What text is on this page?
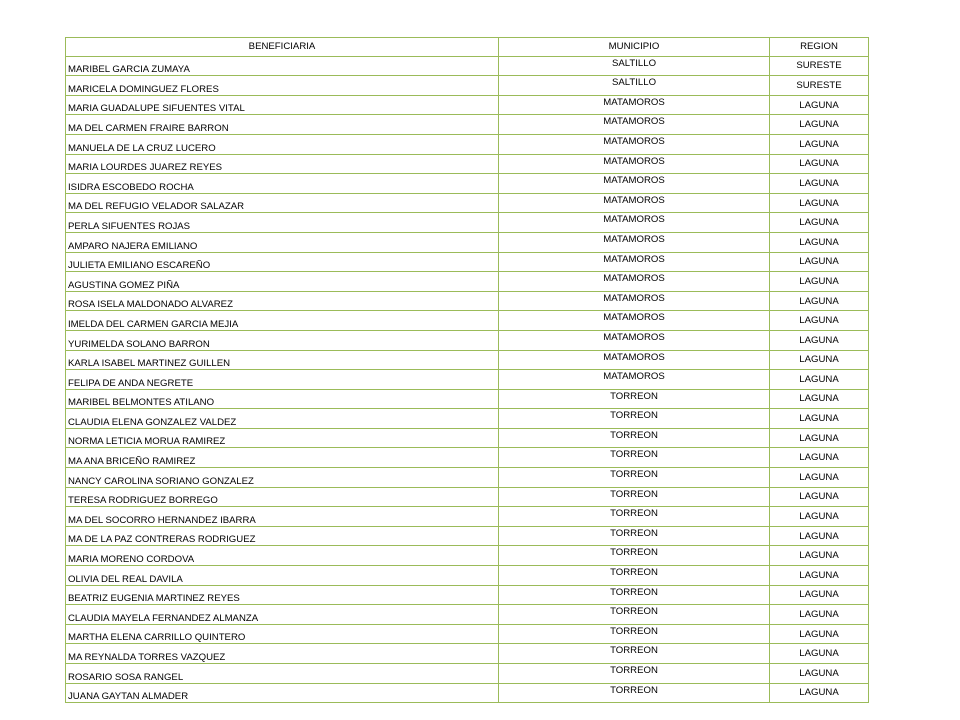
BENEFICIARIA	MUNICIPIO	REGION
MARIBEL GARCIA ZUMAYA	SALTILLO	SURESTE
MARICELA DOMINGUEZ FLORES	SALTILLO	SURESTE
MARIA GUADALUPE SIFUENTES VITAL	MATAMOROS	LAGUNA
MA DEL CARMEN FRAIRE BARRON	MATAMOROS	LAGUNA
MANUELA DE LA CRUZ LUCERO	MATAMOROS	LAGUNA
MARIA LOURDES JUAREZ REYES	MATAMOROS	LAGUNA
ISIDRA ESCOBEDO ROCHA	MATAMOROS	LAGUNA
MA DEL REFUGIO VELADOR SALAZAR	MATAMOROS	LAGUNA
PERLA SIFUENTES ROJAS	MATAMOROS	LAGUNA
AMPARO NAJERA EMILIANO	MATAMOROS	LAGUNA
JULIETA EMILIANO ESCAREÑO	MATAMOROS	LAGUNA
AGUSTINA GOMEZ PIÑA	MATAMOROS	LAGUNA
ROSA ISELA MALDONADO ALVAREZ	MATAMOROS	LAGUNA
IMELDA DEL CARMEN GARCIA MEJIA	MATAMOROS	LAGUNA
YURIMELDA SOLANO BARRON	MATAMOROS	LAGUNA
KARLA ISABEL MARTINEZ GUILLEN	MATAMOROS	LAGUNA
FELIPA DE ANDA NEGRETE	MATAMOROS	LAGUNA
MARIBEL BELMONTES ATILANO	TORREON	LAGUNA
CLAUDIA ELENA GONZALEZ VALDEZ	TORREON	LAGUNA
NORMA LETICIA MORUA RAMIREZ	TORREON	LAGUNA
MA ANA BRICEÑO RAMIREZ	TORREON	LAGUNA
NANCY CAROLINA SORIANO GONZALEZ	TORREON	LAGUNA
TERESA RODRIGUEZ BORREGO	TORREON	LAGUNA
MA DEL SOCORRO HERNANDEZ IBARRA	TORREON	LAGUNA
MA DE LA PAZ CONTRERAS RODRIGUEZ	TORREON	LAGUNA
MARIA MORENO CORDOVA	TORREON	LAGUNA
OLIVIA DEL REAL DAVILA	TORREON	LAGUNA
BEATRIZ EUGENIA MARTINEZ REYES	TORREON	LAGUNA
CLAUDIA MAYELA FERNANDEZ ALMANZA	TORREON	LAGUNA
MARTHA ELENA CARRILLO QUINTERO	TORREON	LAGUNA
MA REYNALDA TORRES VAZQUEZ	TORREON	LAGUNA
ROSARIO SOSA RANGEL	TORREON	LAGUNA
JUANA GAYTAN ALMADER	TORREON	LAGUNA
